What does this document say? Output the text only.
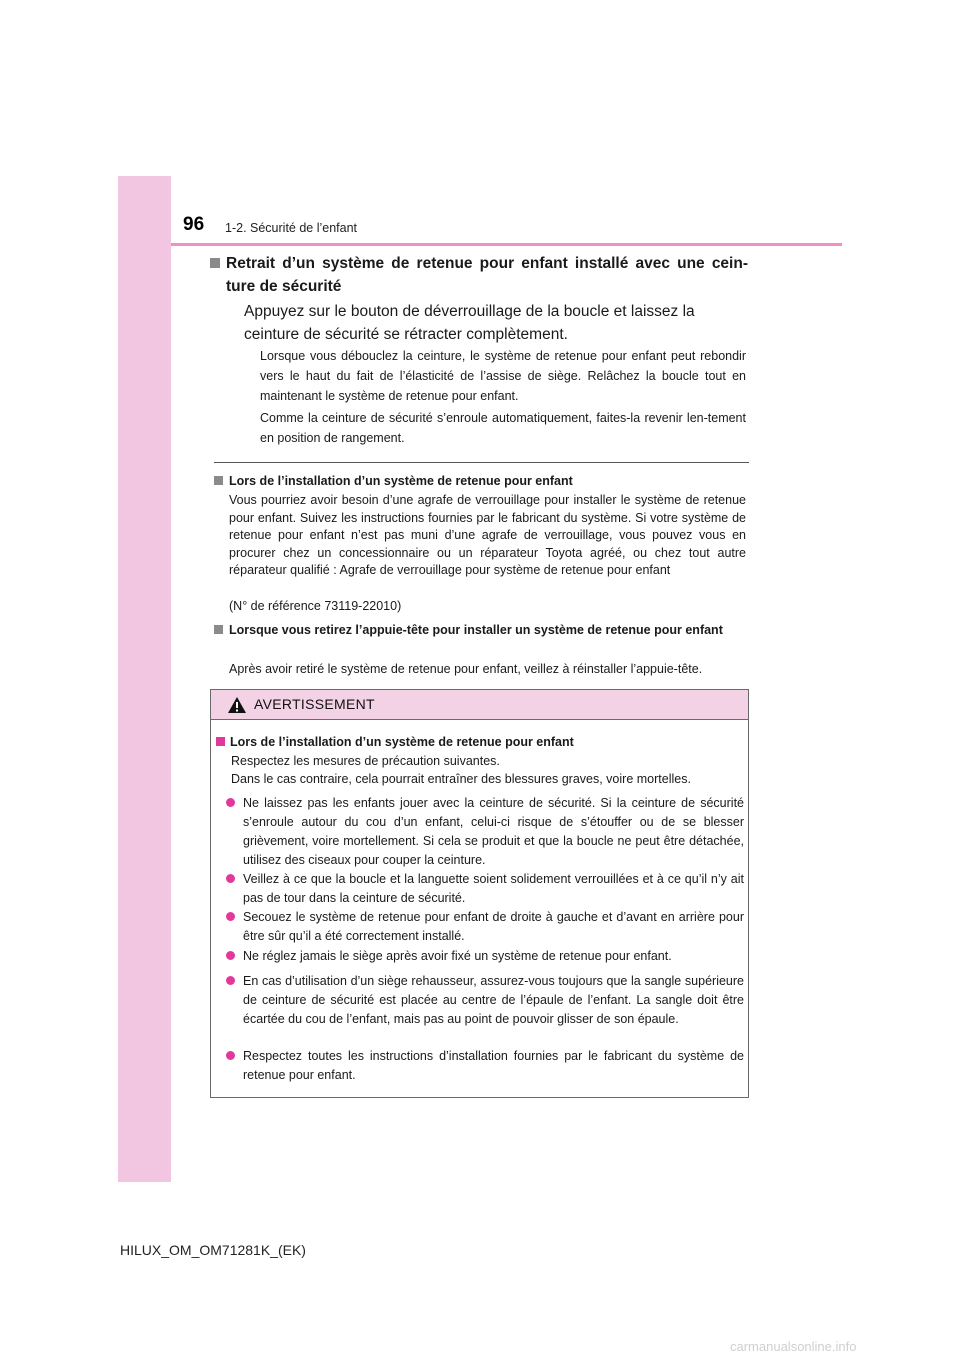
96 1-2. Sécurité de l’enfant
Retrait d’un système de retenue pour enfant installé avec une cein-ture de sécurité
Appuyez sur le bouton de déverrouillage de la boucle et laissez la ceinture de sécurité se rétracter complètement.
Lorsque vous débouclez la ceinture, le système de retenue pour enfant peut rebondir vers le haut du fait de l’élasticité de l’assise de siège. Relâchez la boucle tout en maintenant le système de retenue pour enfant.
Comme la ceinture de sécurité s’enroule automatiquement, faites-la revenir len-tement en position de rangement.
Lors de l’installation d’un système de retenue pour enfant
Vous pourriez avoir besoin d’une agrafe de verrouillage pour installer le système de retenue pour enfant. Suivez les instructions fournies par le fabricant du système. Si votre système de retenue pour enfant n’est pas muni d’une agrafe de verrouillage, vous pouvez vous en procurer chez un concessionnaire ou un réparateur Toyota agréé, ou chez tout autre réparateur qualifié : Agrafe de verrouillage pour système de retenue pour enfant
(N° de référence 73119-22010)
Lorsque vous retirez l’appuie-tête pour installer un système de retenue pour enfant
Après avoir retiré le système de retenue pour enfant, veillez à réinstaller l’appuie-tête.
AVERTISSEMENT
Lors de l’installation d’un système de retenue pour enfant
Respectez les mesures de précaution suivantes.
Dans le cas contraire, cela pourrait entraîner des blessures graves, voire mortelles.
Ne laissez pas les enfants jouer avec la ceinture de sécurité. Si la ceinture de sécurité s’enroule autour du cou d’un enfant, celui-ci risque de s’étouffer ou de se blesser grièvement, voire mortellement. Si cela se produit et que la boucle ne peut être détachée, utilisez des ciseaux pour couper la ceinture.
Veillez à ce que la boucle et la languette soient solidement verrouillées et à ce qu’il n’y ait pas de tour dans la ceinture de sécurité.
Secouez le système de retenue pour enfant de droite à gauche et d’avant en arrière pour être sûr qu’il a été correctement installé.
Ne réglez jamais le siège après avoir fixé un système de retenue pour enfant.
En cas d’utilisation d’un siège rehausseur, assurez-vous toujours que la sangle supérieure de ceinture de sécurité est placée au centre de l’épaule de l’enfant. La sangle doit être écartée du cou de l’enfant, mais pas au point de pouvoir glisser de son épaule.
Respectez toutes les instructions d’installation fournies par le fabricant du système de retenue pour enfant.
HILUX_OM_OM71281K_(EK)
carmanualsonline.info
